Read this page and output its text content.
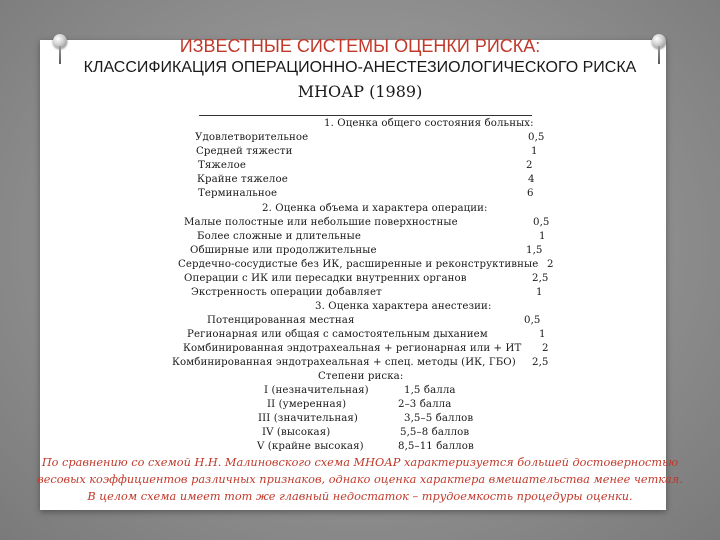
ИЗВЕСТНЫЕ СИСТЕМЫ ОЦЕНКИ РИСКА:
КЛАССИФИКАЦИЯ ОПЕРАЦИОННО-АНЕСТЕЗИОЛОГИЧЕСКОГО РИСКА
МНОАР (1989)
1. Оценка общего состояния больных:
Удовлетворительное	0,5
Средней тяжести	1
Тяжелое	2
Крайне тяжелое	4
Терминальное	6
2. Оценка объема и характера операции:
Малые полостные или небольшие поверхностные	0,5
Более сложные и длительные	1
Обширные или продолжительные	1,5
Сердечно-сосудистые без ИК, расширенные и реконструктивные 2
Операции с ИК или пересадки внутренних органов	2,5
Экстренность операции добавляет	1
3. Оценка характера анестезии:
Потенцированная местная	0,5
Регионарная или общая с самостоятельным дыханием	1
Комбинированная эндотрахеальная + регионарная или + ИТ 2
Комбинированная эндотрахеальная + спец. методы (ИК, ГБО) 2,5
Степени риска:
I (незначительная)	1,5 балла
II (умеренная)	2–3 балла
III (значительная)	3,5–5 баллов
IV (высокая)	5,5–8 баллов
V (крайне высокая)	8,5–11 баллов
По сравнению со схемой Н.Н. Малиновского схема МНОАР характеризуется большей достоверностью
весовых коэффициентов различных признаков, однако оценка характера вмешательства менее четкая.
В целом схема имеет тот же главный недостаток – трудоемкость процедуры оценки.
